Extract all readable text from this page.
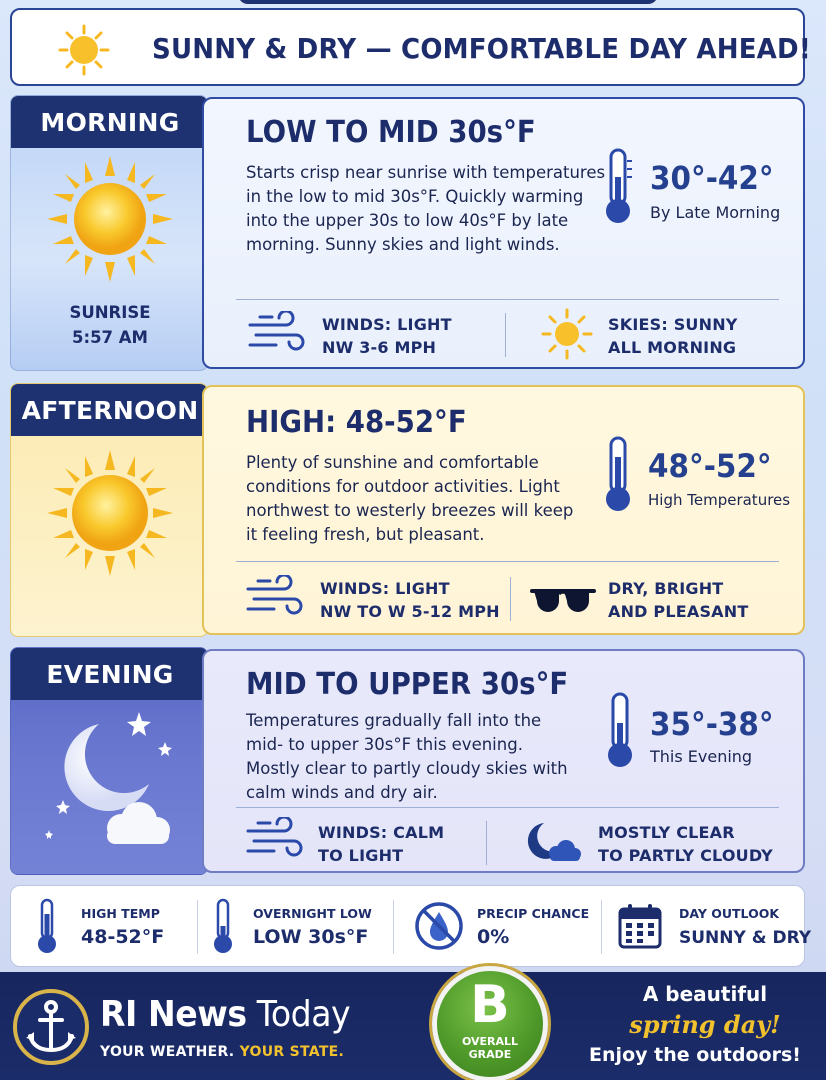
SUNNY & DRY — COMFORTABLE DAY AHEAD!
MORNING
SUNRISE
5:57 AM
LOW TO MID 30s°F
Starts crisp near sunrise with temperatures in the low to mid 30s°F. Quickly warming into the upper 30s to low 40s°F by late morning. Sunny skies and light winds.
30°-42°
By Late Morning
WINDS: LIGHT
NW 3-6 MPH
SKIES: SUNNY
ALL MORNING
AFTERNOON	HIGH: 48-52°F
Plenty of sunshine and comfortable conditions for outdoor activities. Light northwest to westerly breezes will keep it feeling fresh, but pleasant.
48°-52°
High Temperatures
WINDS: LIGHT
NW TO W 5-12 MPH
DRY, BRIGHT
AND PLEASANT
EVENING	MID TO UPPER 30s°F
Temperatures gradually fall into the mid- to upper 30s°F this evening. Mostly clear to partly cloudy skies with calm winds and dry air.
35°-38°
This Evening
WINDS: CALM
TO LIGHT
MOSTLY CLEAR
TO PARTLY CLOUDY
HIGH TEMP
48-52°F
OVERNIGHT LOW
LOW 30s°F
PRECIP CHANCE
0%
DAY OUTLOOK
SUNNY & DRY
RI News Today
YOUR WEATHER. YOUR STATE.
B
OVERALL
GRADE
A beautiful
spring day!
Enjoy the outdoors!
